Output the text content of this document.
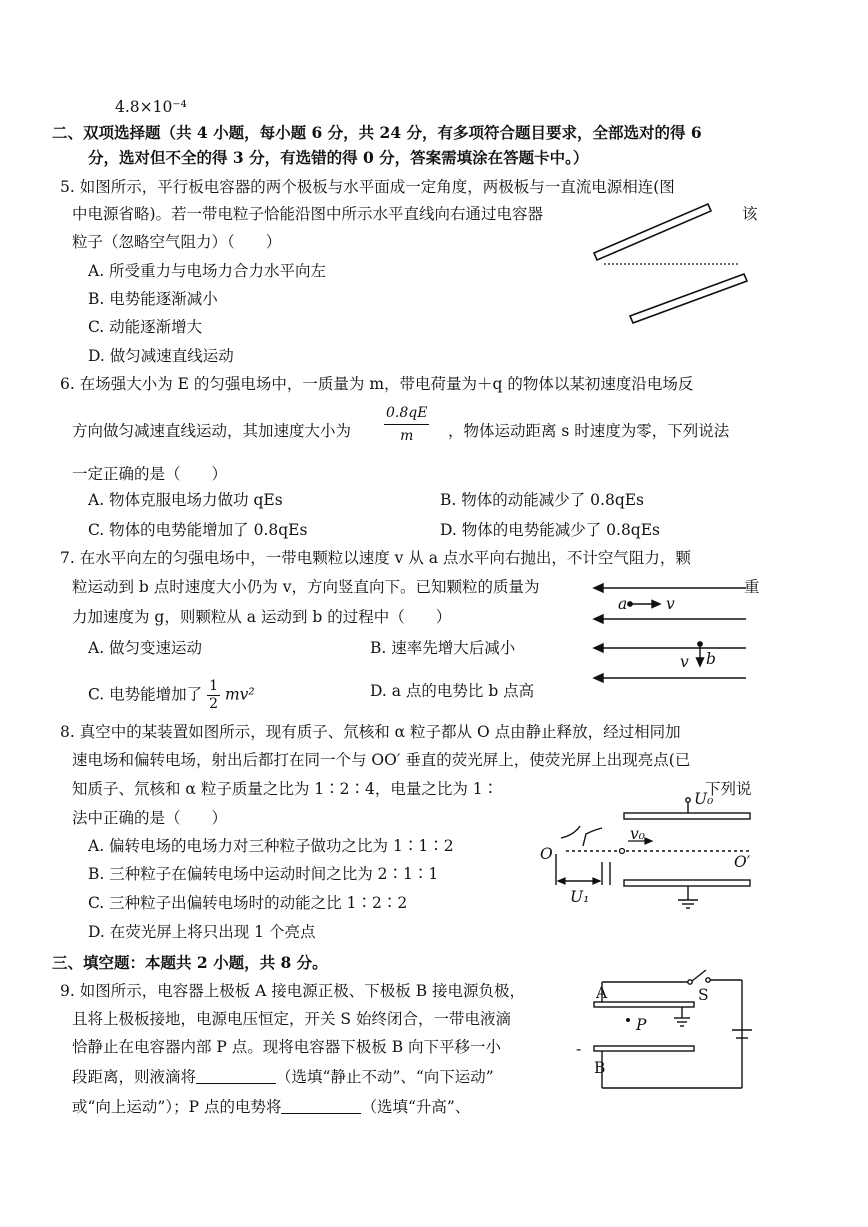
4.8×10⁻⁴
二、双项选择题（共 4 小题，每小题 6 分，共 24 分，有多项符合题目要求，全部选对的得 6
分，选对但不全的得 3 分，有选错的得 0 分，答案需填涂在答题卡中。）
5. 如图所示，平行板电容器的两个极板与水平面成一定角度，两极板与一直流电源相连(图
中电源省略)。若一带电粒子恰能沿图中所示水平直线向右通过电容器	该
粒子（忽略空气阻力）（　　）
A. 所受重力与电场力合力水平向左
B. 电势能逐渐减小
C. 动能逐渐增大
D. 做匀减速直线运动
6. 在场强大小为 E 的匀强电场中，一质量为 m，带电荷量为＋q 的物体以某初速度沿电场反
方向做匀减速直线运动，其加速度大小为 $\frac{0.8qE}{m}$ ，物体运动距离 s 时速度为零，下列说法
一定正确的是（　　）
A. 物体克服电场力做功 qEs	B. 物体的动能减少了 0.8qEs
C. 物体的电势能增加了 0.8qEs	D. 物体的电势能减少了 0.8qEs
7. 在水平向左的匀强电场中，一带电颗粒以速度 v 从 a 点水平向右抛出，不计空气阻力，颗
粒运动到 b 点时速度大小仍为 v，方向竖直向下。已知颗粒的质量为	重
力加速度为 g，则颗粒从 a 运动到 b 的过程中（　　）
A. 做匀变速运动	B. 速率先增大后减小
C. 电势能增加了 $\frac{1}{2} mv^2$	D. a 点的电势比 b 点高
a	v
v b
8. 真空中的某装置如图所示，现有质子、氘核和 α 粒子都从 O 点由静止释放，经过相同加
速电场和偏转电场，射出后都打在同一个与 OO′ 垂直的荧光屏上，使荧光屏上出现亮点(已
知质子、氘核和 α 粒子质量之比为 1∶2∶4，电量之比为 1∶	下列说
法中正确的是（　　）
A. 偏转电场的电场力对三种粒子做功之比为 1∶1∶2
B. 三种粒子在偏转电场中运动时间之比为 2∶1∶1
C. 三种粒子出偏转电场时的动能之比 1∶2∶2
D. 在荧光屏上将只出现 1 个亮点
U₀
v₀
O	O′
U₁
三、填空题：本题共 2 小题，共 8 分。
9. 如图所示，电容器上极板 A 接电源正极、下极板 B 接电源负极，
且将上极板接地，电源电压恒定，开关 S 始终闭合，一带电液滴
恰静止在电容器内部 P 点。现将电容器下极板 B 向下平移一小
段距离，则液滴将	（选填“静止不动”、“向下运动”
或“向上运动”）；P 点的电势将	（选填“升高”、
A	S
P
B
-
